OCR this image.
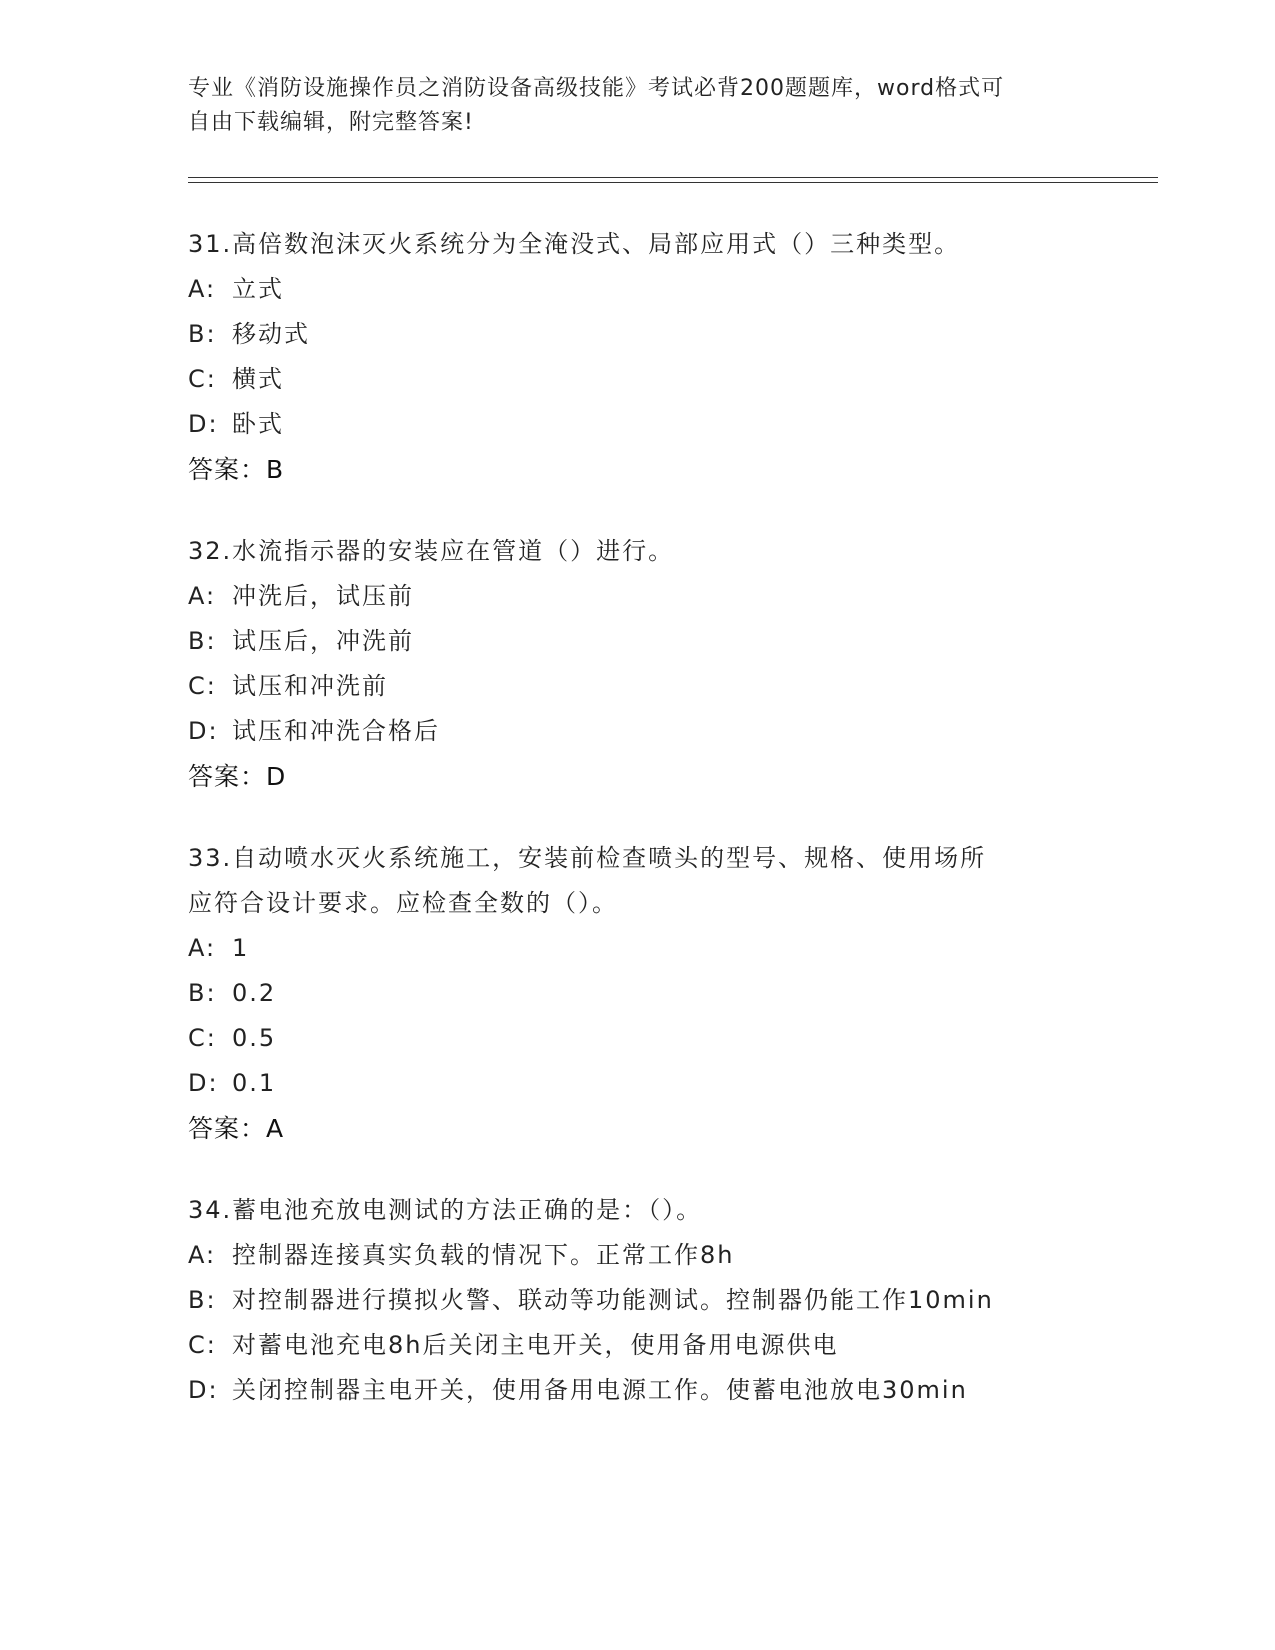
专业《消防设施操作员之消防设备高级技能》考试必背200题题库，word格式可
自由下载编辑，附完整答案!

31.高倍数泡沫灭火系统分为全淹没式、局部应用式（）三种类型。

A: 立式
B: 移动式
C: 横式
D: 卧式
答案：B

32.水流指示器的安装应在管道（）进行。

A: 冲洗后，试压前
B: 试压后，冲洗前
C: 试压和冲洗前
D: 试压和冲洗合格后
答案：D

33.自动喷水灭火系统施工，安装前检查喷头的型号、规格、使用场所
应符合设计要求。应检查全数的（）。

A: 1
B: 0.2
C: 0.5
D: 0.1
答案：A

34.蓄电池充放电测试的方法正确的是：（）。

A: 控制器连接真实负载的情况下。正常工作8h
B: 对控制器进行摸拟火警、联动等功能测试。控制器仍能工作10min
C: 对蓄电池充电8h后关闭主电开关，使用备用电源供电
D: 关闭控制器主电开关，使用备用电源工作。使蓄电池放电30min
